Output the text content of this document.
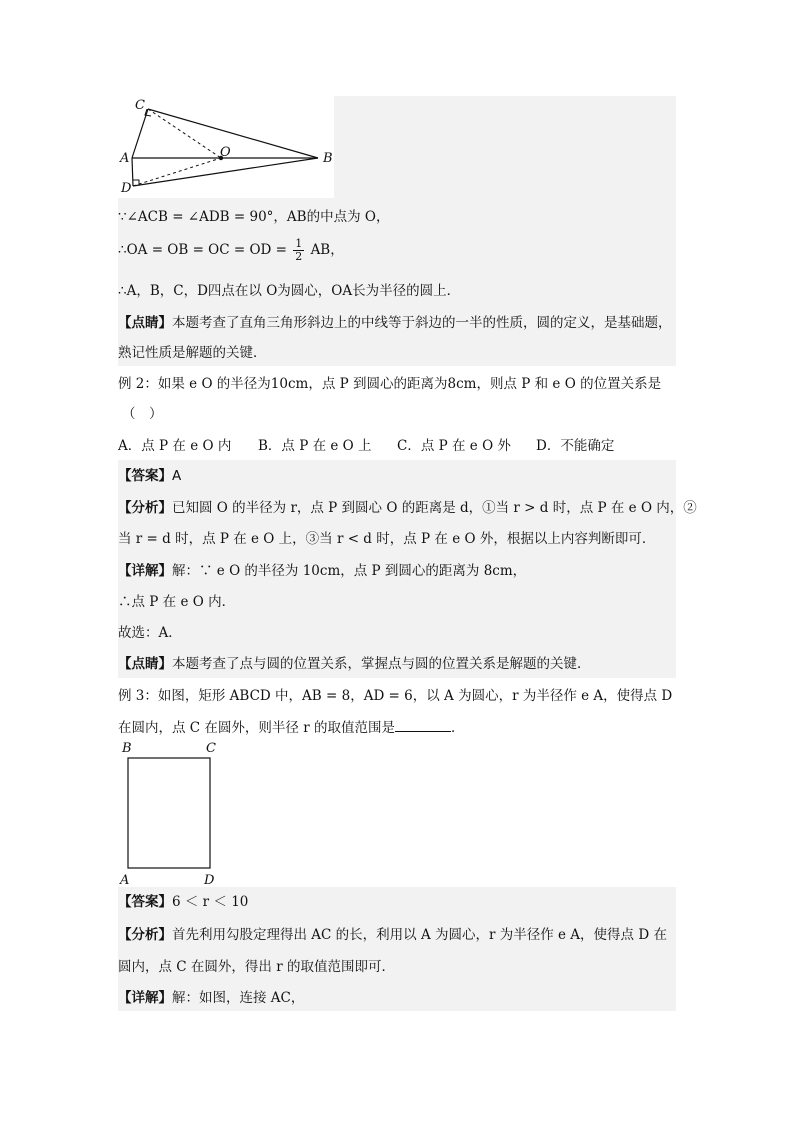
C
A	O	B
D
∵∠ACB = ∠ADB = 90°，AB的中点为 O，
∴OA = OB = OC = OD = $\frac{1}{2}$ AB，
∴A，B，C，D四点在以 O为圆心，OA长为半径的圆上．
【点睛】本题考查了直角三角形斜边上的中线等于斜边的一半的性质，圆的定义，是基础题，
熟记性质是解题的关键．
例 2：如果 e O 的半径为10cm，点 P 到圆心的距离为8cm，则点 P 和 e O 的位置关系是
（　）
A．点 P 在 e O 内 B．点 P 在 e O 上 C．点 P 在 e O 外 D．不能确定
【答案】A
【分析】已知圆 O 的半径为 r，点 P 到圆心 O 的距离是 d，①当 r > d 时，点 P 在 e O 内，②
当 r = d 时，点 P 在 e O 上，③当 r < d 时，点 P 在 e O 外，根据以上内容判断即可．
【详解】解：∵ e O 的半径为 10cm，点 P 到圆心的距离为 8cm，
∴点 P 在 e O 内．
故选：A．
【点睛】本题考查了点与圆的位置关系，掌握点与圆的位置关系是解题的关键．
例 3：如图，矩形 ABCD 中，AB = 8，AD = 6，以 A 为圆心，r 为半径作 e A，使得点 D
在圆内，点 C 在圆外，则半径 r 的取值范围是	．
B	C
A	D
【答案】6 ＜ r ＜ 10
【分析】首先利用勾股定理得出 AC 的长，利用以 A 为圆心，r 为半径作 e A，使得点 D 在
圆内，点 C 在圆外，得出 r 的取值范围即可．
【详解】解：如图，连接 AC，
